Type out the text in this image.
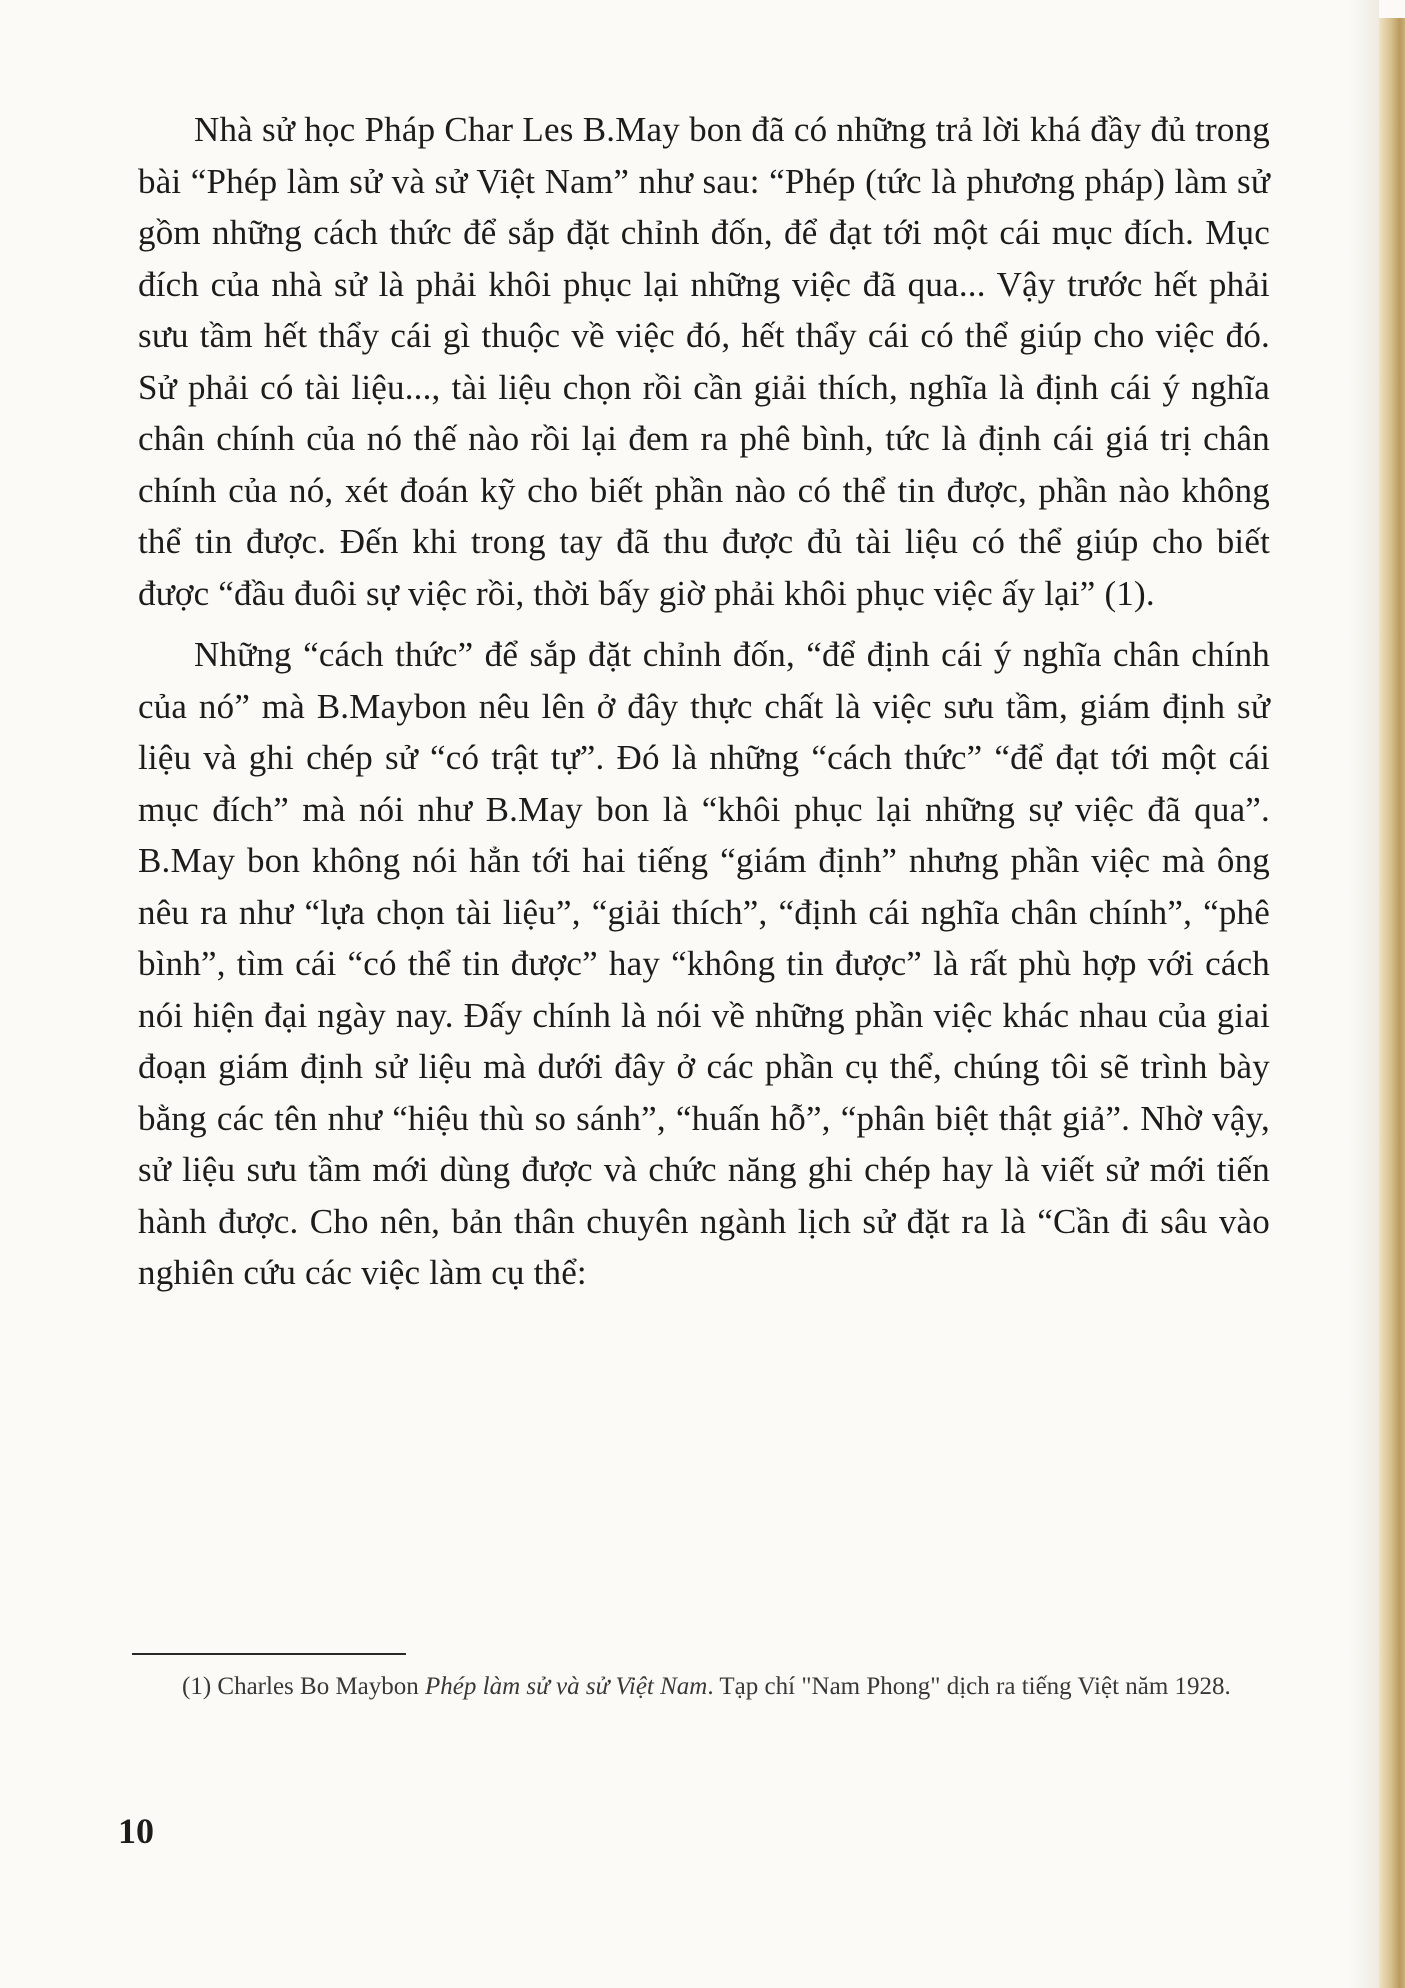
Nhà sử học Pháp Char Les B.May bon đã có những trả lời khá đầy đủ trong bài “Phép làm sử và sử Việt Nam” như sau: “Phép (tức là phương pháp) làm sử gồm những cách thức để sắp đặt chỉnh đốn, để đạt tới một cái mục đích. Mục đích của nhà sử là phải khôi phục lại những việc đã qua... Vậy trước hết phải sưu tầm hết thẩy cái gì thuộc về việc đó, hết thẩy cái có thể giúp cho việc đó. Sử phải có tài liệu..., tài liệu chọn rồi cần giải thích, nghĩa là định cái ý nghĩa chân chính của nó thế nào rồi lại đem ra phê bình, tức là định cái giá trị chân chính của nó, xét đoán kỹ cho biết phần nào có thể tin được, phần nào không thể tin được. Đến khi trong tay đã thu được đủ tài liệu có thể giúp cho biết được “đầu đuôi sự việc rồi, thời bấy giờ phải khôi phục việc ấy lại” (1).

Những “cách thức” để sắp đặt chỉnh đốn, “để định cái ý nghĩa chân chính của nó” mà B.Maybon nêu lên ở đây thực chất là việc sưu tầm, giám định sử liệu và ghi chép sử “có trật tự”. Đó là những “cách thức” “để đạt tới một cái mục đích” mà nói như B.May bon là “khôi phục lại những sự việc đã qua”. B.May bon không nói hẳn tới hai tiếng “giám định” nhưng phần việc mà ông nêu ra như “lựa chọn tài liệu”, “giải thích”, “định cái nghĩa chân chính”, “phê bình”, tìm cái “có thể tin được” hay “không tin được” là rất phù hợp với cách nói hiện đại ngày nay. Đấy chính là nói về những phần việc khác nhau của giai đoạn giám định sử liệu mà dưới đây ở các phần cụ thể, chúng tôi sẽ trình bày bằng các tên như “hiệu thù so sánh”, “huấn hỗ”, “phân biệt thật giả”. Nhờ vậy, sử liệu sưu tầm mới dùng được và chức năng ghi chép hay là viết sử mới tiến hành được. Cho nên, bản thân chuyên ngành lịch sử đặt ra là “Cần đi sâu vào nghiên cứu các việc làm cụ thể:

(1) Charles Bo Maybon Phép làm sử và sử Việt Nam. Tạp chí "Nam Phong" dịch ra tiếng Việt năm 1928.

10
